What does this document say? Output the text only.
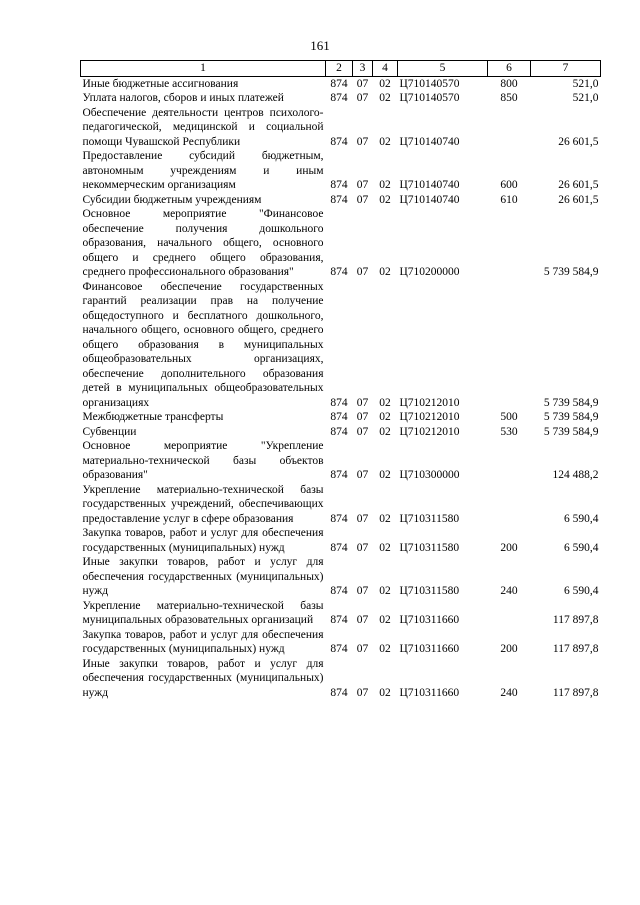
161
1	2	3	4	5	6	7
Иные бюджетные ассигнования	874	07	02	Ц710140570	800	521,0
Уплата налогов, сборов и иных платежей	874	07	02	Ц710140570	850	521,0
Обеспечение деятельности центров психолого-педагогической, медицинской и социальной помощи Чувашской Республики	874	07	02	Ц710140740		26 601,5
Предоставление субсидий бюджетным, автономным учреждениям и иным некоммерческим организациям	874	07	02	Ц710140740	600	26 601,5
Субсидии бюджетным учреждениям	874	07	02	Ц710140740	610	26 601,5
Основное мероприятие "Финансовое обеспечение получения дошкольного образования, начального общего, основного общего и среднего общего образования, среднего профессионального образования"	874	07	02	Ц710200000		5 739 584,9
Финансовое обеспечение государственных гарантий реализации прав на получение общедоступного и бесплатного дошкольного, начального общего, основного общего, среднего общего образования в муниципальных общеобразовательных организациях, обеспечение дополнительного образования детей в муниципальных общеобразовательных организациях	874	07	02	Ц710212010		5 739 584,9
Межбюджетные трансферты	874	07	02	Ц710212010	500	5 739 584,9
Субвенции	874	07	02	Ц710212010	530	5 739 584,9
Основное мероприятие "Укрепление материально-технической базы объектов образования"	874	07	02	Ц710300000		124 488,2
Укрепление материально-технической базы государственных учреждений, обеспечивающих предоставление услуг в сфере образования	874	07	02	Ц710311580		6 590,4
Закупка товаров, работ и услуг для обеспечения государственных (муниципальных) нужд	874	07	02	Ц710311580	200	6 590,4
Иные закупки товаров, работ и услуг для обеспечения государственных (муниципальных) нужд	874	07	02	Ц710311580	240	6 590,4
Укрепление материально-технической базы муниципальных образовательных организаций	874	07	02	Ц710311660		117 897,8
Закупка товаров, работ и услуг для обеспечения государственных (муниципальных) нужд	874	07	02	Ц710311660	200	117 897,8
Иные закупки товаров, работ и услуг для обеспечения государственных (муниципальных) нужд	874	07	02	Ц710311660	240	117 897,8
